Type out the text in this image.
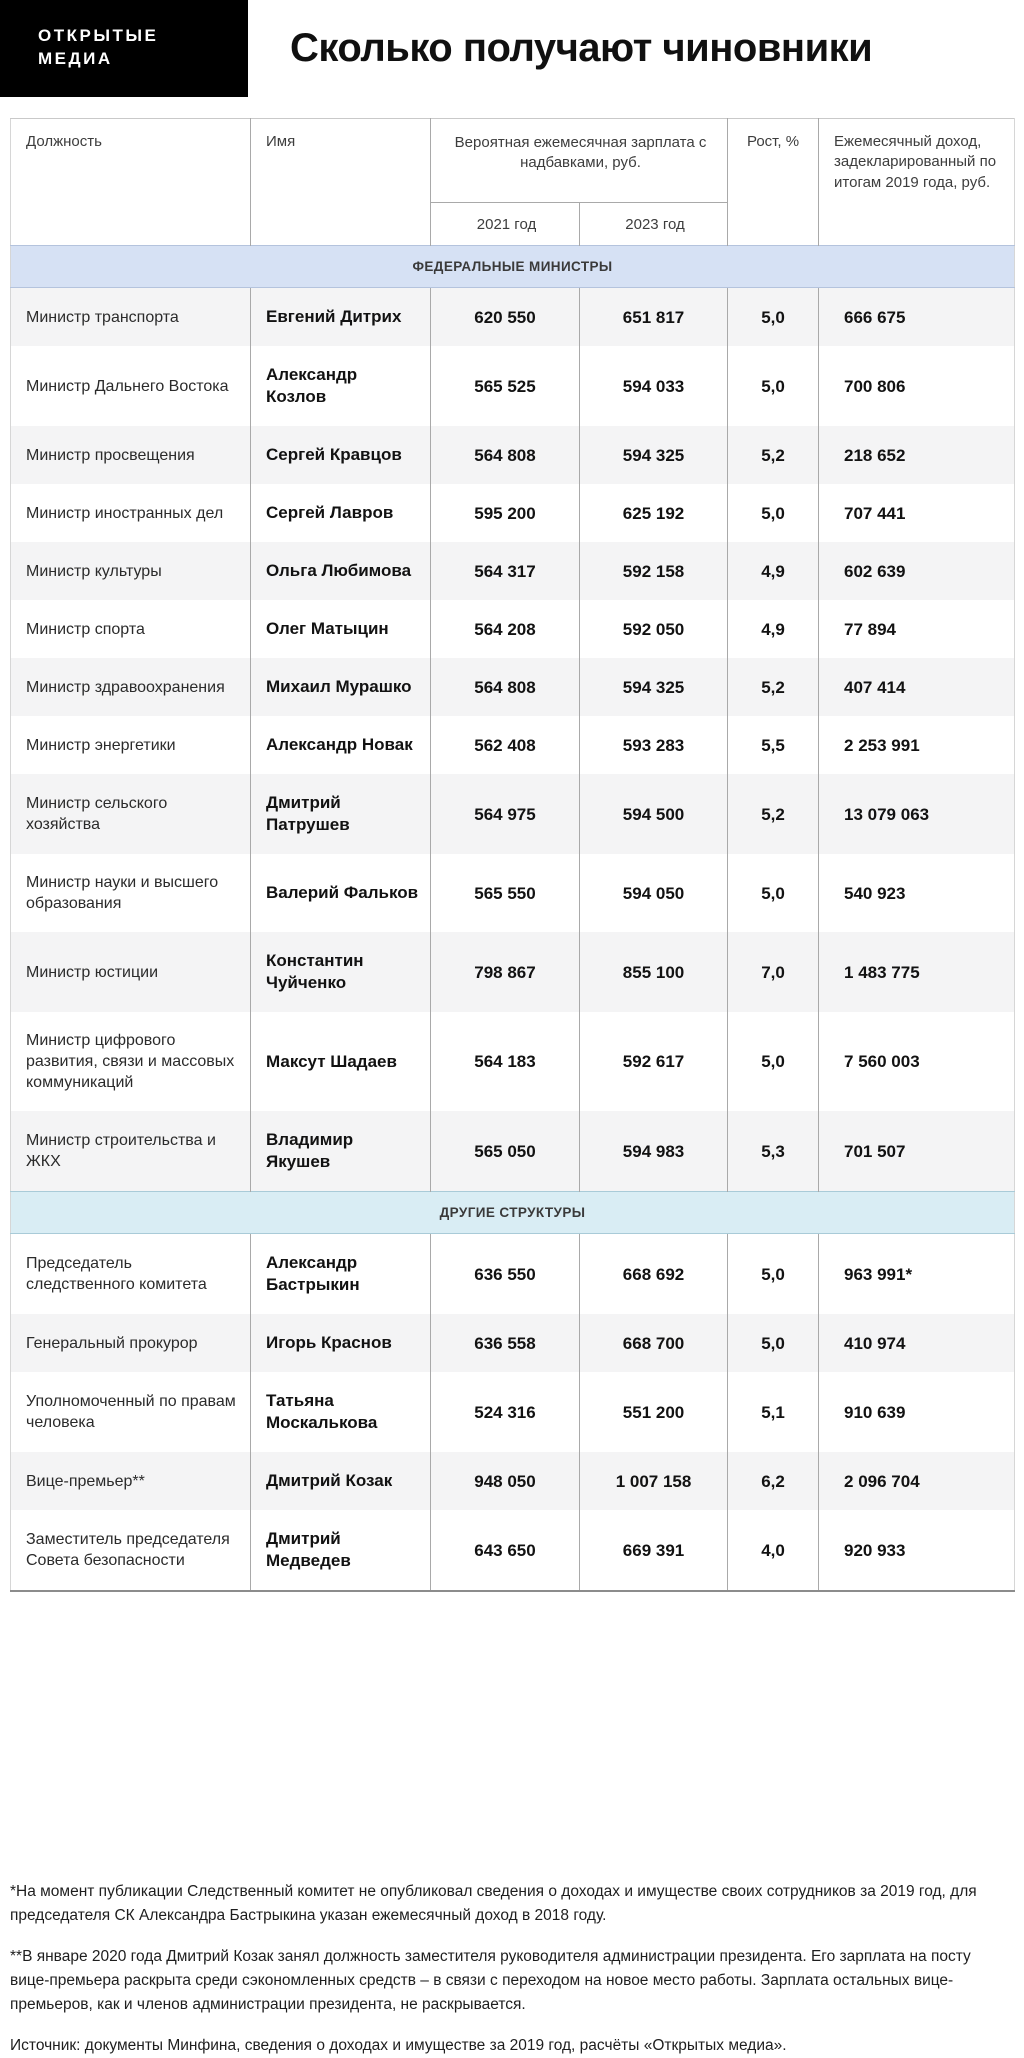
ОТКРЫТЫЕ
МЕДИА	Сколько получают чиновники
Должность	Имя	Вероятная ежемесячная зарплата с надбавками, руб.		Рост, %	Ежемесячный доход, задекларированный по итогам 2019 года, руб.
		2021 год	2023 год		
ФЕДЕРАЛЬНЫЕ МИНИСТРЫ					
Министр транспорта	Евгений Дитрих	620 550	651 817	5,0	666 675
Министр Дальнего Востока	Александр Козлов	565 525	594 033	5,0	700 806
Министр просвещения	Сергей Кравцов	564 808	594 325	5,2	218 652
Министр иностранных дел	Сергей Лавров	595 200	625 192	5,0	707 441
Министр культуры	Ольга Любимова	564 317	592 158	4,9	602 639
Министр спорта	Олег Матыцин	564 208	592 050	4,9	77 894
Министр здравоохранения	Михаил Мурашко	564 808	594 325	5,2	407 414
Министр энергетики	Александр Новак	562 408	593 283	5,5	2 253 991
Министр сельского хозяйства	Дмитрий Патрушев	564 975	594 500	5,2	13 079 063
Министр науки и высшего образования	Валерий Фальков	565 550	594 050	5,0	540 923
Министр юстиции	Константин Чуйченко	798 867	855 100	7,0	1 483 775
Министр цифрового развития, связи и массовых коммуникаций	Максут Шадаев	564 183	592 617	5,0	7 560 003
Министр строительства и ЖКХ	Владимир Якушев	565 050	594 983	5,3	701 507
ДРУГИЕ СТРУКТУРЫ					
Председатель следственного комитета	Александр Бастрыкин	636 550	668 692	5,0	963 991*
Генеральный прокурор	Игорь Краснов	636 558	668 700	5,0	410 974
Уполномоченный по правам человека	Татьяна Москалькова	524 316	551 200	5,1	910 639
Вице-премьер**	Дмитрий Козак	948 050	1 007 158	6,2	2 096 704
Заместитель председателя Совета безопасности	Дмитрий Медведев	643 650	669 391	4,0	920 933

*На момент публикации Следственный комитет не опубликовал сведения о доходах и имуществе своих сотрудников за 2019 год, для председателя СК Александра Бастрыкина указан ежемесячный доход в 2018 году.

**В январе 2020 года Дмитрий Козак занял должность заместителя руководителя администрации президента. Его зарплата на посту вице-премьера раскрыта среди сэкономленных средств – в связи с переходом на новое место работы. Зарплата остальных вице-премьеров, как и членов администрации президента, не раскрывается.

Источник: документы Минфина, сведения о доходах и имуществе за 2019 год, расчёты «Открытых медиа».
